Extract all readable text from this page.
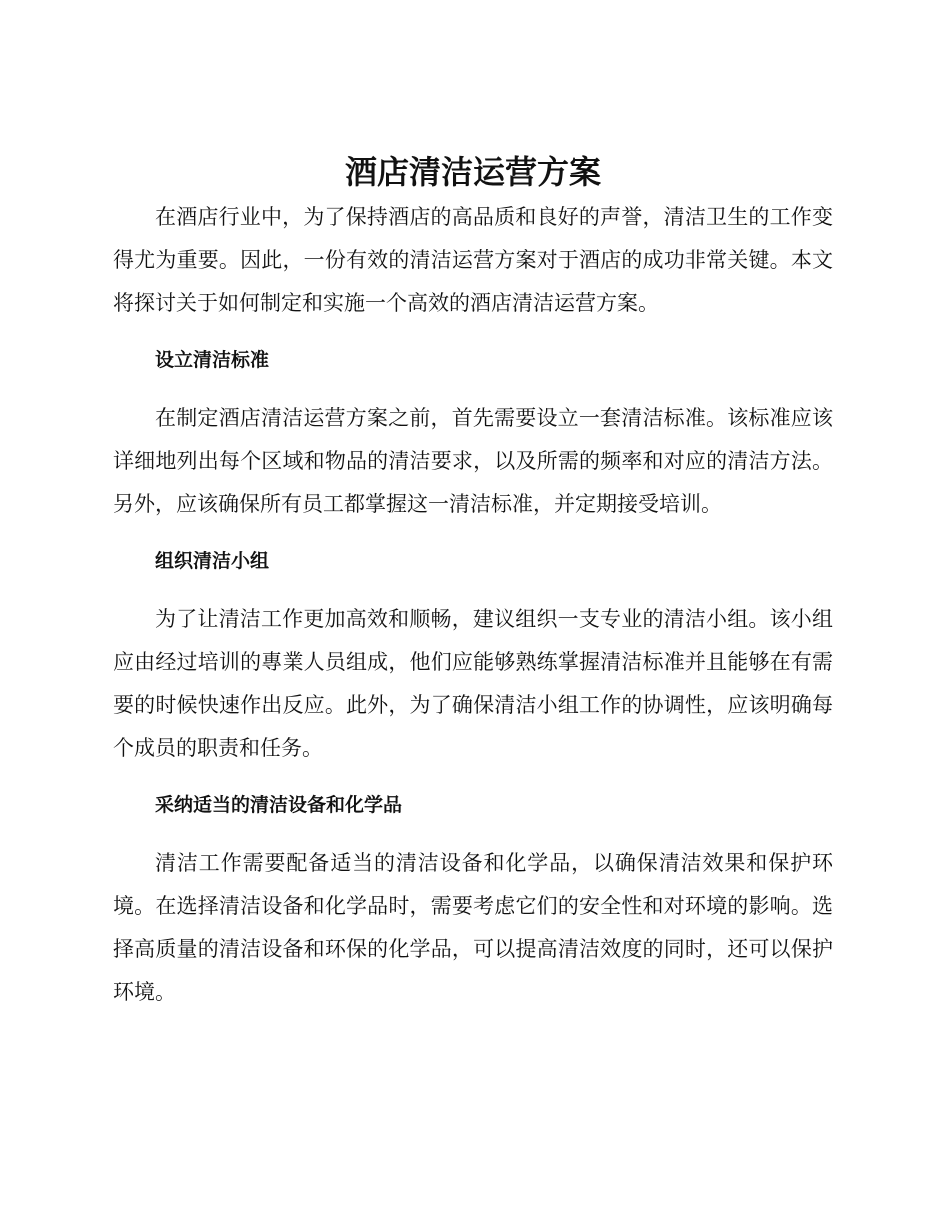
酒店清洁运营方案

在酒店行业中，为了保持酒店的高品质和良好的声誉，清洁卫生的工作变得尤为重要。因此，一份有效的清洁运营方案对于酒店的成功非常关键。本文将探讨关于如何制定和实施一个高效的酒店清洁运营方案。

设立清洁标准

在制定酒店清洁运营方案之前，首先需要设立一套清洁标准。该标准应该详细地列出每个区域和物品的清洁要求，以及所需的频率和对应的清洁方法。另外，应该确保所有员工都掌握这一清洁标准，并定期接受培训。

组织清洁小组

为了让清洁工作更加高效和顺畅，建议组织一支专业的清洁小组。该小组应由经过培训的專業人员组成，他们应能够熟练掌握清洁标准并且能够在有需要的时候快速作出反应。此外，为了确保清洁小组工作的协调性，应该明确每个成员的职责和任务。

采纳适当的清洁设备和化学品

清洁工作需要配备适当的清洁设备和化学品，以确保清洁效果和保护环境。在选择清洁设备和化学品时，需要考虑它们的安全性和对环境的影响。选择高质量的清洁设备和环保的化学品，可以提高清洁效度的同时，还可以保护环境。
